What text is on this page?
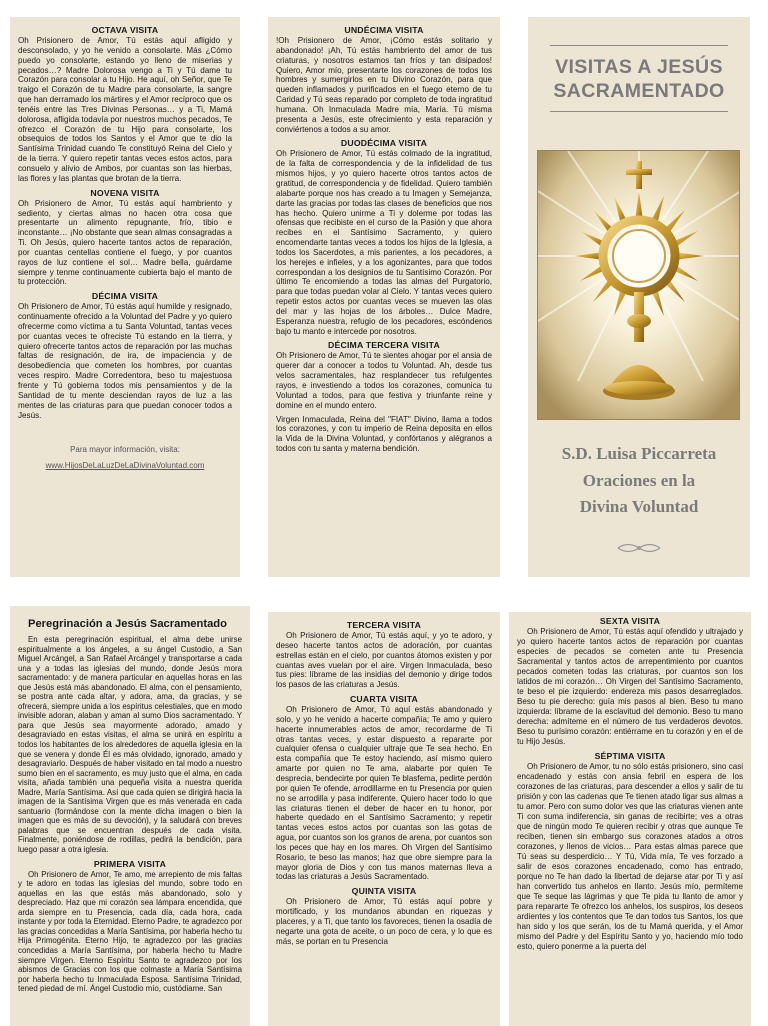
OCTAVA VISITA
Oh Prisionero de Amor, Tú estás aquí afligido y desconsolado, y yo he venido a consolarte. Más ¿Cómo puedo yo consolarte, estando yo lleno de miserias y pecados…? Madre Dolorosa vengo a Ti y Tú dame tu Corazón para consolar a tu Hijo. He aquí, oh Señor, que Te traigo el Corazón de tu Madre para consolarte, la sangre que han derramado los mártires y el Amor recíproco que os tenéis entre las Tres Divinas Personas… y a Ti, Mamá dolorosa, afligida todavía por nuestros muchos pecados, Te ofrezco el Corazón de tu Hijo para consolarte, los obsequios de todos los Santos y el Amor que te dio la Santísima Trinidad cuando Te constituyó Reina del Cielo y de la tierra. Y quiero repetir tantas veces estos actos, para consuelo y alivio de Ambos, por cuantas son las hierbas, las flores y las plantas que brotan de la tierra.
NOVENA VISITA
Oh Prisionero de Amor, Tú estás aquí hambriento y sediento, y ciertas almas no hacen otra cosa que presentarte un alimento repugnante, frío, tibio e inconstante… ¡No obstante que sean almas consagradas a Ti. Oh Jesús, quiero hacerte tantos actos de reparación, por cuantas centellas contiene el fuego, y por cuantos rayos de luz contiene el sol… Madre bella, guárdame siempre y tenme continuamente cubierta bajo el manto de tu protección.
DÉCIMA VISITA
Oh Prisionero de Amor, Tú estás aquí humilde y resignado, continuamente ofrecido a la Voluntad del Padre y yo quiero ofrecerme como víctima a tu Santa Voluntad, tantas veces por cuantas veces te ofreciste Tú estando en la tierra, y quiero ofrecerte tantos actos de reparación por las muchas faltas de resignación, de ira, de impaciencia y de desobediencia que cometen los hombres, por cuantas veces respiro. Madre Corredentora, beso tu majestuosa frente y Tú gobierna todos mis pensamientos y de la Santidad de tu mente desciendan rayos de luz a las mentes de las criaturas para que puedan conocer todos a Jesús.
Para mayor información, visita:
www.HijosDeLaLuzDeLaDivinaVoluntad.com
UNDÉCIMA VISITA
!Oh Prisionero de Amor, ¡Cómo estás solitario y abandonado! ¡Ah, Tú estás hambriento del amor de tus criaturas, y nosotros estamos tan fríos y tan disipados! Quiero, Amor mío, presentarte los corazones de todos los hombres y sumergirlos en tu Divino Corazón, para que queden inflamados y purificados en el fuego eterno de tu Caridad y Tú seas reparado por completo de toda ingratitud humana. Oh Inmaculada Madre mía, María. Tú misma presenta a Jesús, este ofrecimiento y esta reparación y conviértenos a todos a su amor.
DUODÉCIMA VISITA
Oh Prisionero de Amor, Tú estás colmado de la ingratitud, de la falta de correspondencia y de la infidelidad de tus mismos hijos, y yo quiero hacerte otros tantos actos de gratitud, de correspondencia y de fidelidad. Quiero también alabarte porque nos has creado a tu Imagen y Semejanza, darte las gracias por todas las clases de beneficios que nos has hecho. Quiero unirme a Ti y dolerme por todas las ofensas que recibiste en el curso de la Pasión y que ahora recibes en el Santísimo Sacramento, y quiero encomendarte tantas veces a todos los hijos de la Iglesia, a todos los Sacerdotes, a mis parientes, a los pecadores, a los herejes e infieles, y a los agonizantes, para que todos correspondan a los designios de tu Santísimo Corazón. Por último Te encomiendo a todas las almas del Purgatorio, para que todas puedan volar al Cielo. Y tantas veces quiero repetir estos actos por cuantas veces se mueven las olas del mar y las hojas de los árboles… Dulce Madre, Esperanza nuestra, refugio de los pecadores, escóndenos bajo tu manto e intercede por nosotros.
DÉCIMA TERCERA VISITA
Oh Prisionero de Amor, Tú te sientes ahogar por el ansia de querer dar a conocer a todos tu Voluntad. Ah, desde tus velos sacramentales, haz resplandecer tus refulgentes rayos, e investiendo a todos los corazones, comunica tu Voluntad a todos, para que festiva y triunfante reine y domine en el mundo entero.
Virgen Inmaculada, Reina del "FIAT" Divino, llama a todos los corazones, y con tu imperio de Reina deposita en ellos la Vida de la Divina Voluntad, y confórtanos y alégranos a todos con tu santa y materna bendición.
VISITAS A JESÚS
SACRAMENTADO
S.D. Luisa Piccarreta
Oraciones en la
Divina Voluntad
Peregrinación a Jesús Sacramentado
En esta peregrinación espiritual, el alma debe unirse espiritualmente a los ángeles, a su ángel Custodio, a San Miguel Arcángel, a San Rafael Arcángel y transportarse a cada una y a todas las iglesias del mundo, donde Jesús mora sacramentado: y de manera particular en aquellas horas en las que Jesús está más abandonado. El alma, con el pensamiento, se postra ante cada altar, y adora, ama, da gracias, y se ofrecerá, siempre unida a los espíritus celestiales, que en modo invisible adoran, alaban y aman al sumo Dios sacramentado. Y para que Jesús sea mayormente adorado, amado y desagraviado en estas visitas, el alma se unirá en espíritu a todos los habitantes de los alrededores de aquella iglesia en la que se venera y donde Él es más olvidado, ignorado, amado y desagraviarlo. Después de haber visitado en tal modo a nuestro sumo bien en el sacramento, es muy justo que el alma, en cada visita, añada también una pequeña visita a nuestra querida Madre, María Santísima. Así que cada quien se dirigirá hacia la imagen de la Santísima Virgen que es más venerada en cada santuario (formándose con la mente dicha imagen o bien la imagen que es más de su devoción), y la saludará con breves palabras que se encuentran después de cada visita. Finalmente, poniéndose de rodillas, pedirá la bendición, para luego pasar a otra iglesia.
PRIMERA VISITA
Oh Prisionero de Amor, Te amo, me arrepiento de mis faltas y te adoro en todas las iglesias del mundo, sobre todo en aquellas en las que estás más abandonado, solo y despreciado. Haz que mi corazón sea lámpara encendida, que arda siempre en tu Presencia, cada día, cada hora, cada instante y por toda la Eternidad. Eterno Padre, te agradezco por las gracias concedidas a María Santísima, por haberla hecho tu Hija Primogénita. Eterno Hijo, te agradezco por las gracias concedidas a María Santísima, por haberla hecho tu Madre siempre Virgen. Eterno Espíritu Santo te agradezco por los abismos de Gracias con los que colmaste a María Santísima por haberla hecho tu Inmaculada Esposa. Santísima Trinidad, tened piedad de mí. Ángel Custodio mío, custódiame. San
TERCERA VISITA
Oh Prisionero de Amor, Tú estás aquí, y yo te adoro, y deseo hacerte tantos actos de adoración, por cuantas estrellas están en el cielo, por cuantos átomos existen y por cuantas aves vuelan por el aire. Virgen Inmaculada, beso tus pies: líbrame de las insidias del demonio y dirige todos los pasos de las criaturas a Jesús.
CUARTA VISITA
Oh Prisionero de Amor, Tú aquí estás abandonado y solo, y yo he venido a hacerte compañía; Te amo y quiero hacerte innumerables actos de amor, recordarme de Ti otras tantas veces, y estar dispuesto a repararte por cualquier ofensa o cualquier ultraje que Te sea hecho. En esta compañía que Te estoy haciendo, así mismo quiero amarte por quien no Te ama, alabarte por quien Te desprecia, bendecirte por quien Te blasfema, pedirte perdón por quien Te ofende, arrodillarme en tu Presencia por quien no se arrodilla y pasa indiferente. Quiero hacer todo lo que las criaturas tienen el deber de hacer en tu honor, por haberte quedado en el Santísimo Sacramento; y repetir tantas veces estos actos por cuantas son las gotas de agua, por cuantos son los granos de arena, por cuantos son los peces que hay en los mares. Oh Virgen del Santísimo Rosario, te beso las manos; haz que obre siempre para la mayor gloria de Dios y con tus manos maternas lleva a todas las criaturas a Jesús Sacramentado.
QUINTA VISITA
Oh Prisionero de Amor, Tú estás aquí pobre y mortificado, y los mundanos abundan en riquezas y placeres, y a Ti, que tanto los favoreces, tienen la osadía de negarte una gota de aceite, o un poco de cera, y lo que es más, se portan en tu Presencia
SEXTA VISITA
Oh Prisionero de Amor, Tú estás aquí ofendido y ultrajado y yo quiero hacerte tantos actos de reparación por cuantas especies de pecados se cometen ante tu Presencia Sacramental y tantos actos de arrepentimiento por cuantos pecados cometen todas las criaturas, por cuantos son los latidos de mi corazón… Oh Virgen del Santísimo Sacramento, te beso el pie izquierdo: endereza mis pasos desarreglados. Beso tu pie derecho: guía mis pasos al bien. Beso tu mano izquierda: líbrame de la esclavitud del demonio. Beso tu mano derecha: admíteme en el número de tus verdaderos devotos. Beso tu purísimo corazón: entiérrame en tu corazón y en el de tu Hijo Jesús.
SÉPTIMA VISITA
Oh Prisionero de Amor, tu no sólo estás prisionero, sino casi encadenado y estás con ansia febril en espera de los corazones de las criaturas, para descender a ellos y salir de tu prisión y con las cadenas que Te tienen atado ligar sus almas a tu amor. Pero con sumo dolor ves que las criaturas vienen ante Ti con suma indiferencia, sin ganas de recibirte; ves a otras que de ningún modo Te quieren recibir y otras que aunque Te reciben, tienen sin embargo sus corazones atados a otros corazones, y llenos de vicios… Para estas almas parece que Tú seas su desperdicio… Y Tú, Vida mía, Te ves forzado a salir de esos corazones encadenado, como has entrado, porque no Te han dado la libertad de dejarse atar por Ti y así han convertido tus anhelos en llanto. Jesús mío, permíteme que Te seque las lágrimas y que Te pida tu llanto de amor y para repararte Te ofrezco los anhelos, los suspiros, los deseos ardientes y los contentos que Te dan todos tus Santos, los que han sido y los que serán, los de tu Mamá querida, y el Amor mismo del Padre y del Espíritu Santo y yo, haciendo mío todo esto, quiero ponerme a la puerta del
